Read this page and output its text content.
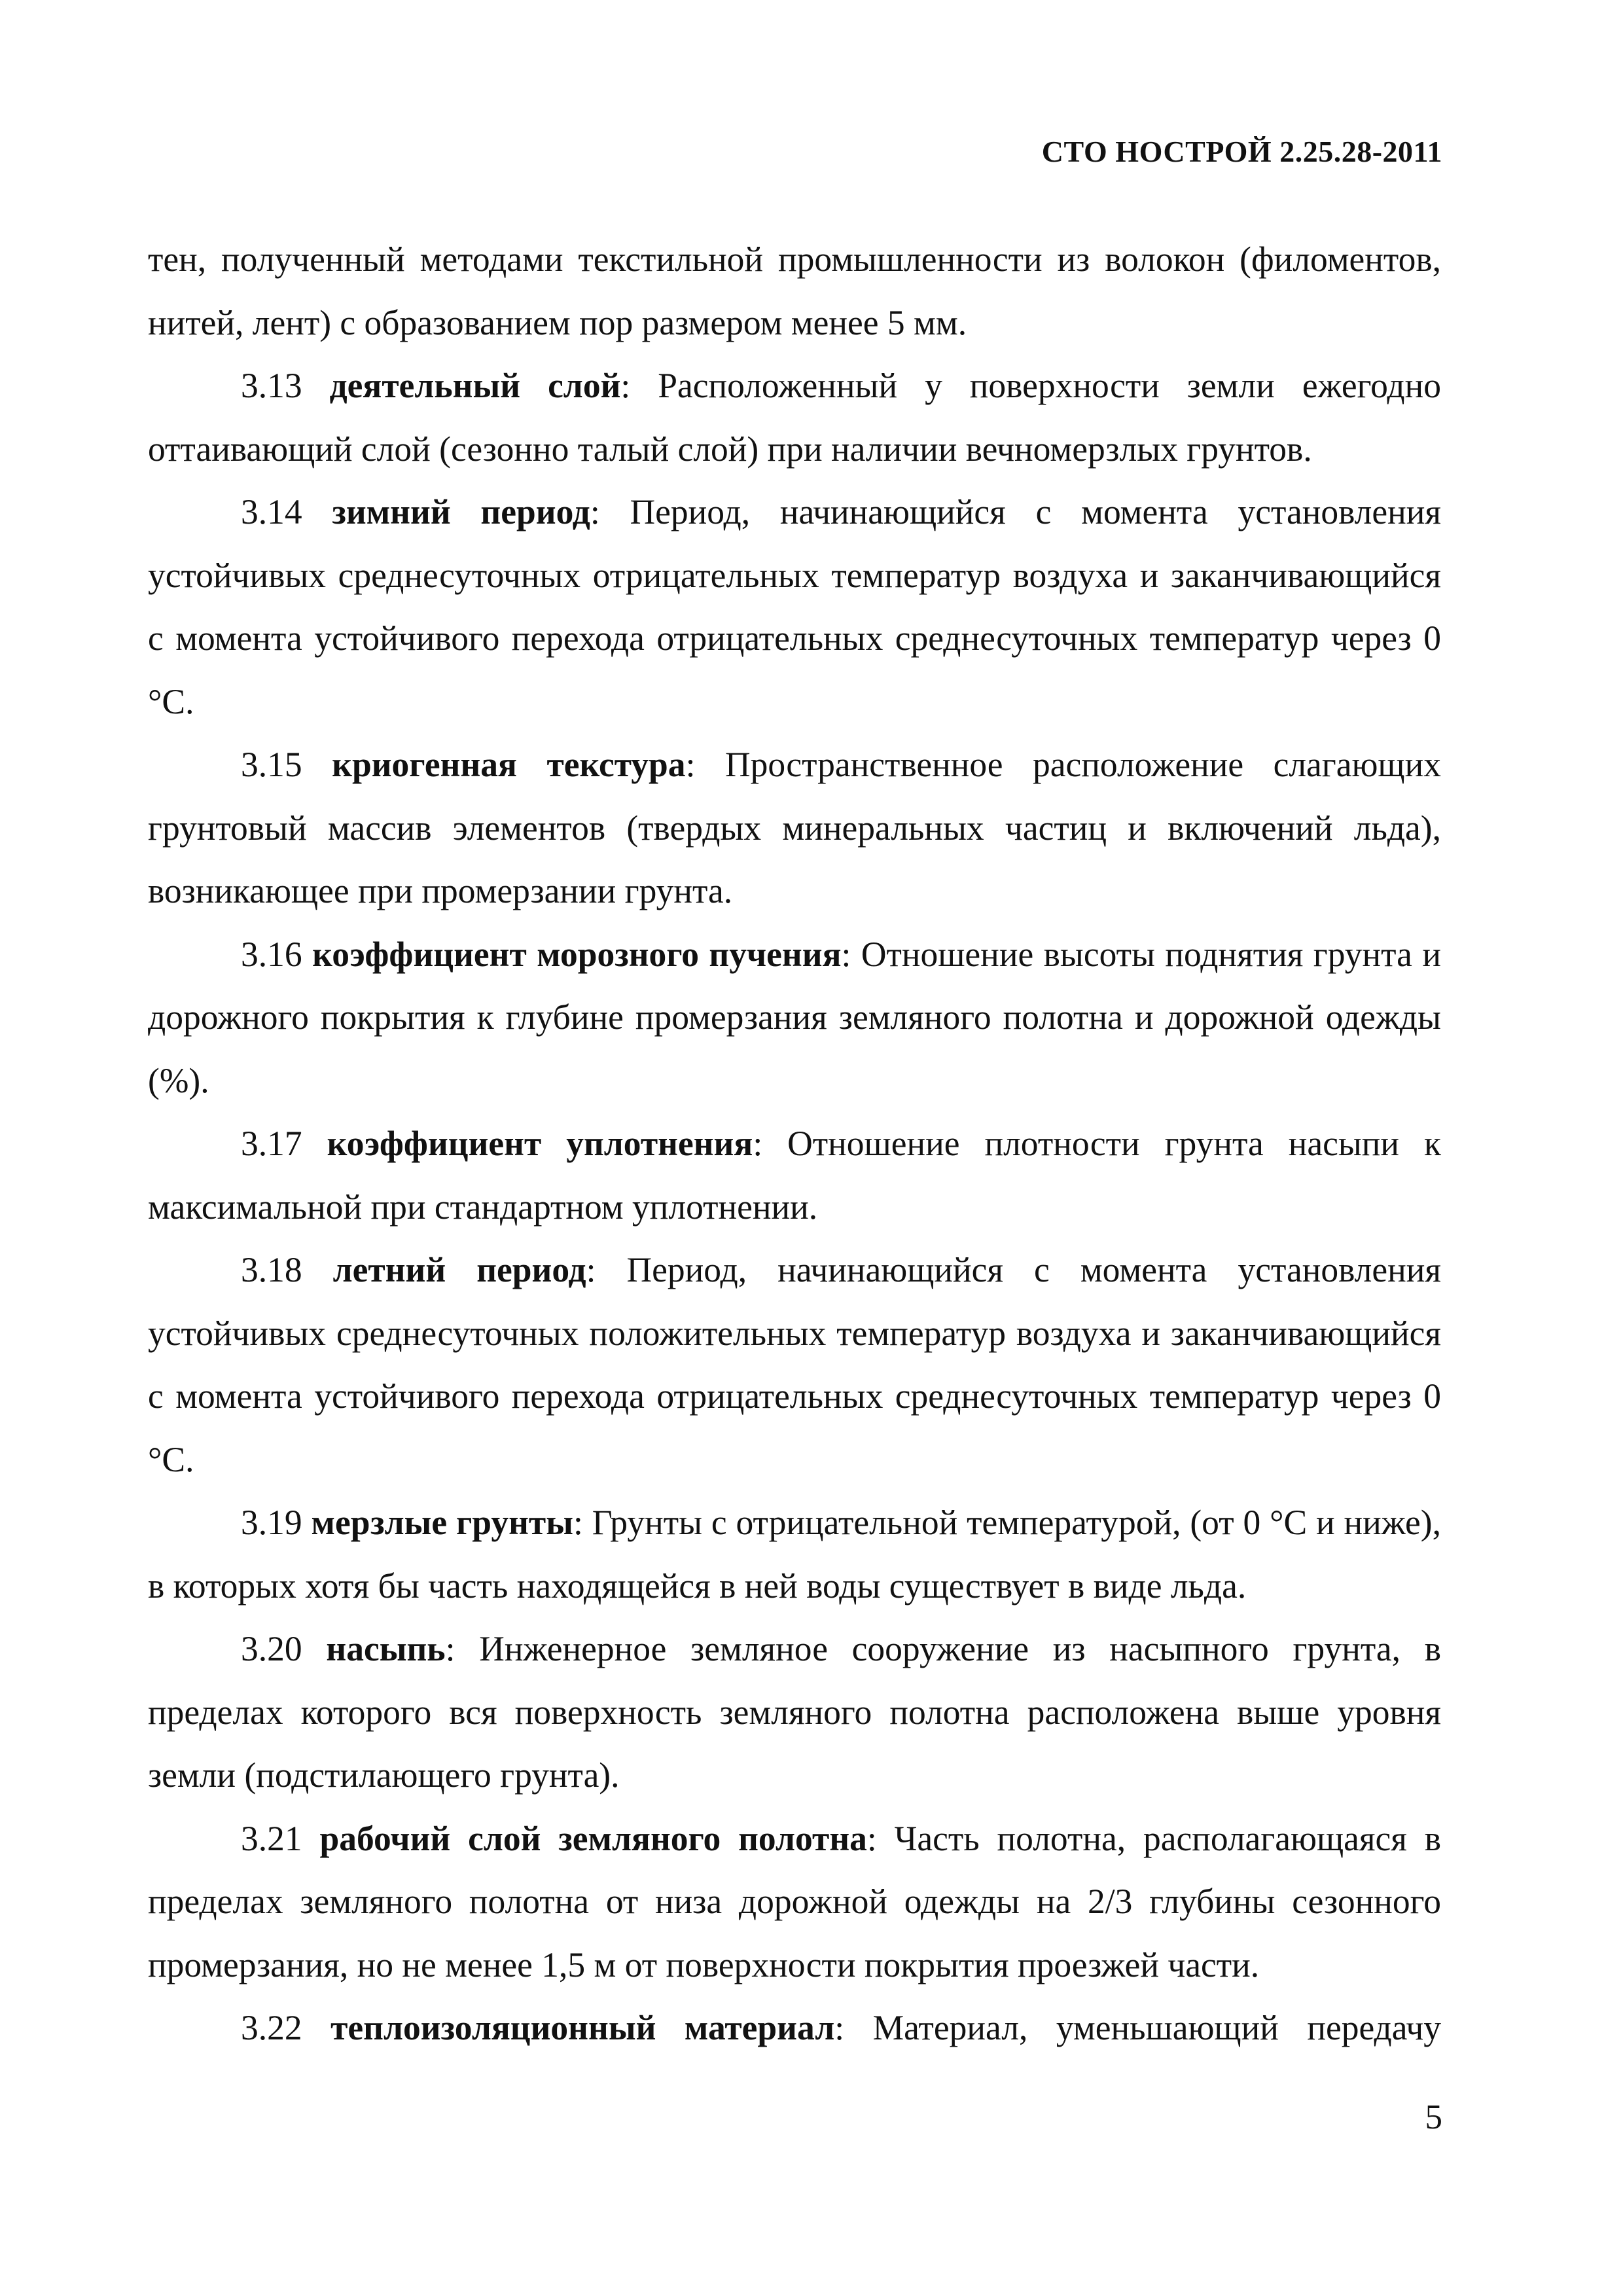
СТО НОСТРОЙ 2.25.28-2011

тен, полученный методами текстильной промышленности из волокон (филоментов, нитей, лент) с образованием пор размером менее 5 мм.

3.13 деятельный слой: Расположенный у поверхности земли ежегодно оттаивающий слой (сезонно талый слой) при наличии вечномерзлых грунтов.

3.14 зимний период: Период, начинающийся с момента установления устойчивых среднесуточных отрицательных температур воздуха и заканчивающийся с момента устойчивого перехода отрицательных среднесуточных температур через 0 °С.

3.15 криогенная текстура: Пространственное расположение слагающих грунтовый массив элементов (твердых минеральных частиц и включений льда), возникающее при промерзании грунта.

3.16 коэффициент морозного пучения: Отношение высоты поднятия грунта и дорожного покрытия к глубине промерзания земляного полотна и дорожной одежды (%).

3.17 коэффициент уплотнения: Отношение плотности грунта насыпи к максимальной при стандартном уплотнении.

3.18 летний период: Период, начинающийся с момента установления устойчивых среднесуточных положительных температур воздуха и заканчивающийся с момента устойчивого перехода отрицательных среднесуточных температур через 0 °С.

3.19 мерзлые грунты: Грунты с отрицательной температурой, (от 0 °С и ниже), в которых хотя бы часть находящейся в ней воды существует в виде льда.

3.20 насыпь: Инженерное земляное сооружение из насыпного грунта, в пределах которого вся поверхность земляного полотна расположена выше уровня земли (подстилающего грунта).

3.21 рабочий слой земляного полотна: Часть полотна, располагающаяся в пределах земляного полотна от низа дорожной одежды на 2/3 глубины сезонного промерзания, но не менее 1,5 м от поверхности покрытия проезжей части.

3.22 теплоизоляционный материал: Материал, уменьшающий передачу

5
